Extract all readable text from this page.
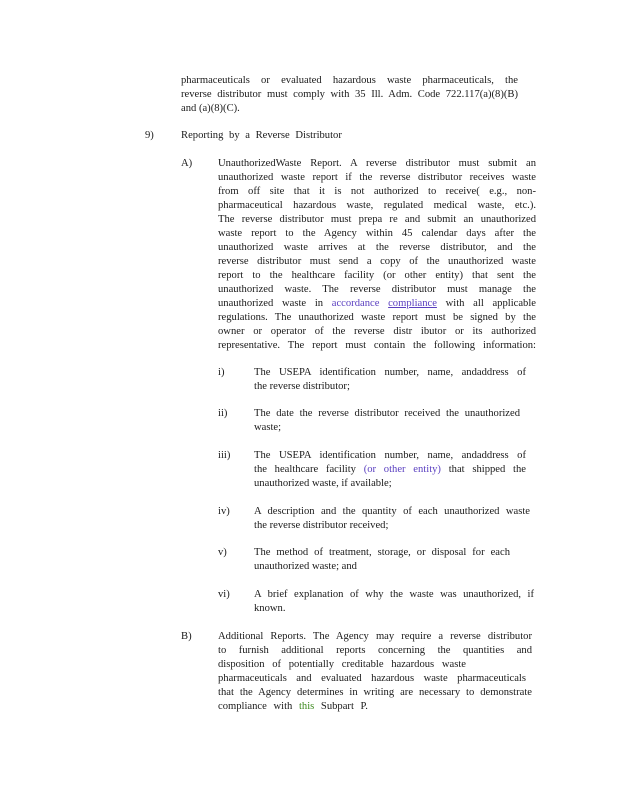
pharmaceuticals or evaluated hazardous waste pharmaceuticals, the

reverse distributor must comply with 35 Ill. Adm. Code 722.117(a)(8)(B)

and (a)(8)(C).

9)	Reporting by a Reverse Distributor
A) UnauthorizedWaste Report. A reverse distributor must submit an

unauthorized waste report if the reverse distributor receives waste

from off site that it is not authorized to receive( e.g., non-

pharmaceutical hazardous waste, regulated medical waste, etc.).

The reverse distributor must prepa re and submit an unauthorized

waste report to the Agency within 45 calendar days after the

unauthorized waste arrives at the reverse distributor, and the

reverse distributor must send a copy of the unauthorized waste

report to the healthcare facility (or other entity) that sent the

unauthorized waste. The reverse distributor must manage the

unauthorized waste in accordance compliance with all applicable

regulations. The unauthorized waste report must be signed by the

owner or operator of the reverse distr ibutor or its authorized

representative. The report must contain the following information:

i)	The USEPA identification number, name, andaddress of

the reverse distributor;

ii)	The date the reverse distributor received the unauthorized

waste;

iii) The USEPA identification number, name, andaddress of

the healthcare facility (or other entity) that shipped the

unauthorized waste, if available;

iv) A description and the quantity of each unauthorized waste

the reverse distributor received;

v)	The method of treatment, storage, or disposal for each

unauthorized waste; and

vi) A brief explanation of why the waste was unauthorized, if

known.

B) Additional Reports. The Agency may require a reverse distributor

to furnish additional reports concerning the quantities and

disposition of potentially creditable hazardous waste

pharmaceuticals and evaluated hazardous waste pharmaceuticals

that the Agency determines in writing are necessary to demonstrate

compliance with this Subpart P.
